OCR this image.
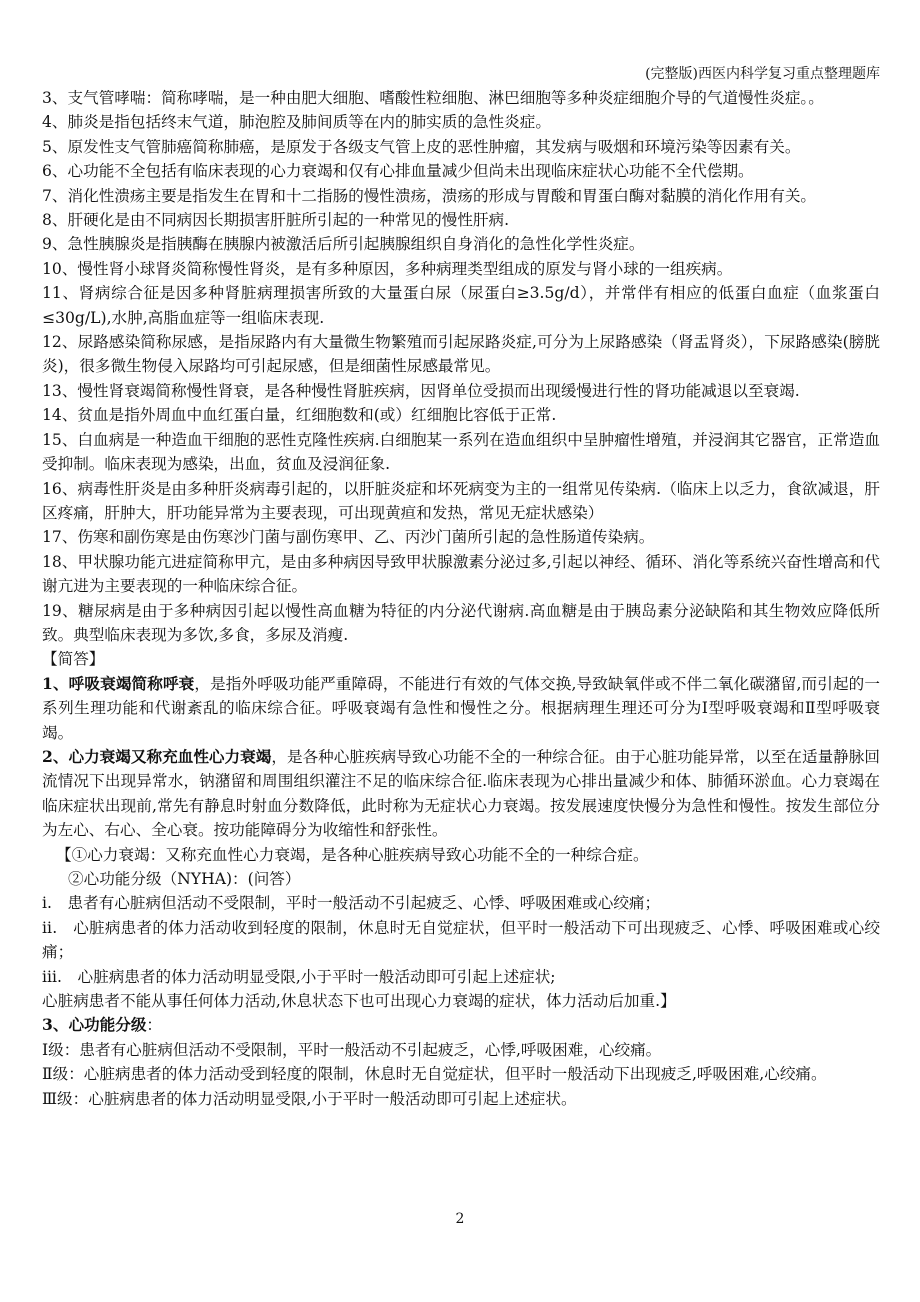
(完整版)西医内科学复习重点整理题库

3、支气管哮喘：简称哮喘，是一种由肥大细胞、嗜酸性粒细胞、淋巴细胞等多种炎症细胞介导的气道慢性炎症。。

4、肺炎是指包括终末气道，肺泡腔及肺间质等在内的肺实质的急性炎症。

5、原发性支气管肺癌简称肺癌，是原发于各级支气管上皮的恶性肿瘤，其发病与吸烟和环境污染等因素有关。

6、心功能不全包括有临床表现的心力衰竭和仅有心排血量减少但尚未出现临床症状心功能不全代偿期。

7、消化性溃疡主要是指发生在胃和十二指肠的慢性溃疡，溃疡的形成与胃酸和胃蛋白酶对黏膜的消化作用有关。

8、肝硬化是由不同病因长期损害肝脏所引起的一种常见的慢性肝病.

9、急性胰腺炎是指胰酶在胰腺内被激活后所引起胰腺组织自身消化的急性化学性炎症。

10、慢性肾小球肾炎简称慢性肾炎，是有多种原因，多种病理类型组成的原发与肾小球的一组疾病。

11、肾病综合征是因多种肾脏病理损害所致的大量蛋白尿（尿蛋白≥3.5g/d），并常伴有相应的低蛋白血症（血浆蛋白≤30g/L),水肿,高脂血症等一组临床表现.

12、尿路感染简称尿感，是指尿路内有大量微生物繁殖而引起尿路炎症,可分为上尿路感染（肾盂肾炎），下尿路感染(膀胱炎)，很多微生物侵入尿路均可引起尿感，但是细菌性尿感最常见。

13、慢性肾衰竭简称慢性肾衰，是各种慢性肾脏疾病，因肾单位受损而出现缓慢进行性的肾功能减退以至衰竭.

14、贫血是指外周血中血红蛋白量，红细胞数和(或）红细胞比容低于正常.

15、白血病是一种造血干细胞的恶性克隆性疾病.白细胞某一系列在造血组织中呈肿瘤性增殖，并浸润其它器官，正常造血受抑制。临床表现为感染，出血，贫血及浸润征象.

16、病毒性肝炎是由多种肝炎病毒引起的，以肝脏炎症和坏死病变为主的一组常见传染病.（临床上以乏力，食欲减退，肝区疼痛，肝肿大，肝功能异常为主要表现，可出现黄疸和发热，常见无症状感染）

17、伤寒和副伤寒是由伤寒沙门菌与副伤寒甲、乙、丙沙门菌所引起的急性肠道传染病。

18、甲状腺功能亢进症简称甲亢，是由多种病因导致甲状腺激素分泌过多,引起以神经、循环、消化等系统兴奋性增高和代谢亢进为主要表现的一种临床综合征。

19、糖尿病是由于多种病因引起以慢性高血糖为特征的内分泌代谢病.高血糖是由于胰岛素分泌缺陷和其生物效应降低所致。典型临床表现为多饮,多食，多尿及消瘦.

【简答】

1、呼吸衰竭简称呼衰，是指外呼吸功能严重障碍，不能进行有效的气体交换,导致缺氧伴或不伴二氧化碳潴留,而引起的一系列生理功能和代谢紊乱的临床综合征。呼吸衰竭有急性和慢性之分。根据病理生理还可分为Ⅰ型呼吸衰竭和Ⅱ型呼吸衰竭。

2、心力衰竭又称充血性心力衰竭，是各种心脏疾病导致心功能不全的一种综合征。由于心脏功能异常，以至在适量静脉回流情况下出现异常水，钠潴留和周围组织灌注不足的临床综合征.临床表现为心排出量减少和体、肺循环淤血。心力衰竭在临床症状出现前,常先有静息时射血分数降低，此时称为无症状心力衰竭。按发展速度快慢分为急性和慢性。按发生部位分为左心、右心、全心衰。按功能障碍分为收缩性和舒张性。

【①心力衰竭：又称充血性心力衰竭，是各种心脏疾病导致心功能不全的一种综合症。

②心功能分级（NYHA)：(问答）

ⅰ.　患者有心脏病但活动不受限制，平时一般活动不引起疲乏、心悸、呼吸困难或心绞痛；

ⅱ.　心脏病患者的体力活动收到轻度的限制，休息时无自觉症状，但平时一般活动下可出现疲乏、心悸、呼吸困难或心绞痛；

ⅲ.　心脏病患者的体力活动明显受限,小于平时一般活动即可引起上述症状;

心脏病患者不能从事任何体力活动,休息状态下也可出现心力衰竭的症状，体力活动后加重.】

3、心功能分级：

Ⅰ级：患者有心脏病但活动不受限制，平时一般活动不引起疲乏，心悸,呼吸困难，心绞痛。

Ⅱ级：心脏病患者的体力活动受到轻度的限制，休息时无自觉症状，但平时一般活动下出现疲乏,呼吸困难,心绞痛。

Ⅲ级：心脏病患者的体力活动明显受限,小于平时一般活动即可引起上述症状。

2
